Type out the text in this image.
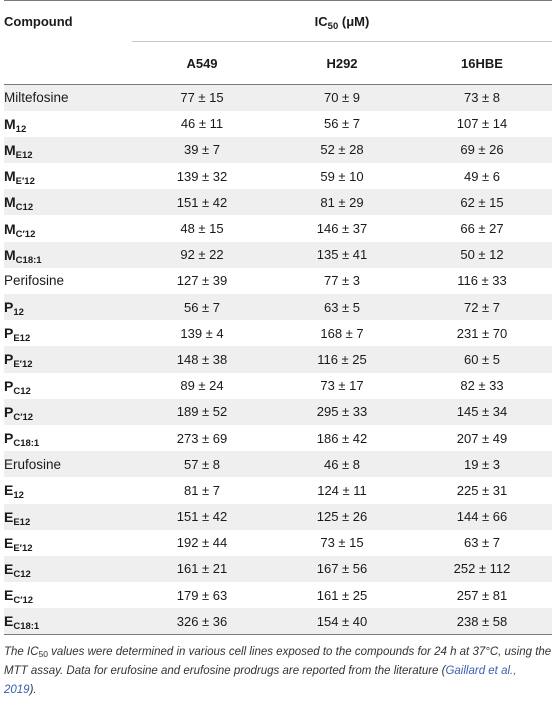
Compound	$IC_{50}$ (μM)		
	A549	H292	16HBE
Miltefosine	77 ± 15	70 ± 9	73 ± 8
$M_{12}$	46 ± 11	56 ± 7	107 ± 14
$M_{E12}$	39 ± 7	52 ± 28	69 ± 26
$M_{E'12}$	139 ± 32	59 ± 10	49 ± 6
$M_{C12}$	151 ± 42	81 ± 29	62 ± 15
$M_{C'12}$	48 ± 15	146 ± 37	66 ± 27
$M_{C18:1}$	92 ± 22	135 ± 41	50 ± 12
Perifosine	127 ± 39	77 ± 3	116 ± 33
$P_{12}$	56 ± 7	63 ± 5	72 ± 7
$P_{E12}$	139 ± 4	168 ± 7	231 ± 70
$P_{E'12}$	148 ± 38	116 ± 25	60 ± 5
$P_{C12}$	89 ± 24	73 ± 17	82 ± 33
$P_{C'12}$	189 ± 52	295 ± 33	145 ± 34
$P_{C18:1}$	273 ± 69	186 ± 42	207 ± 49
Erufosine	57 ± 8	46 ± 8	19 ± 3
$E_{12}$	81 ± 7	124 ± 11	225 ± 31
$E_{E12}$	151 ± 42	125 ± 26	144 ± 66
$E_{E'12}$	192 ± 44	73 ± 15	63 ± 7
$E_{C12}$	161 ± 21	167 ± 56	252 ± 112
$E_{C'12}$	179 ± 63	161 ± 25	257 ± 81
$E_{C18:1}$	326 ± 36	154 ± 40	238 ± 58
The IC50 values were determined in various cell lines exposed to the compounds for 24 h at 37°C, using the MTT assay. Data for erufosine and erufosine prodrugs are reported from the literature (Gaillard et al., 2019).
